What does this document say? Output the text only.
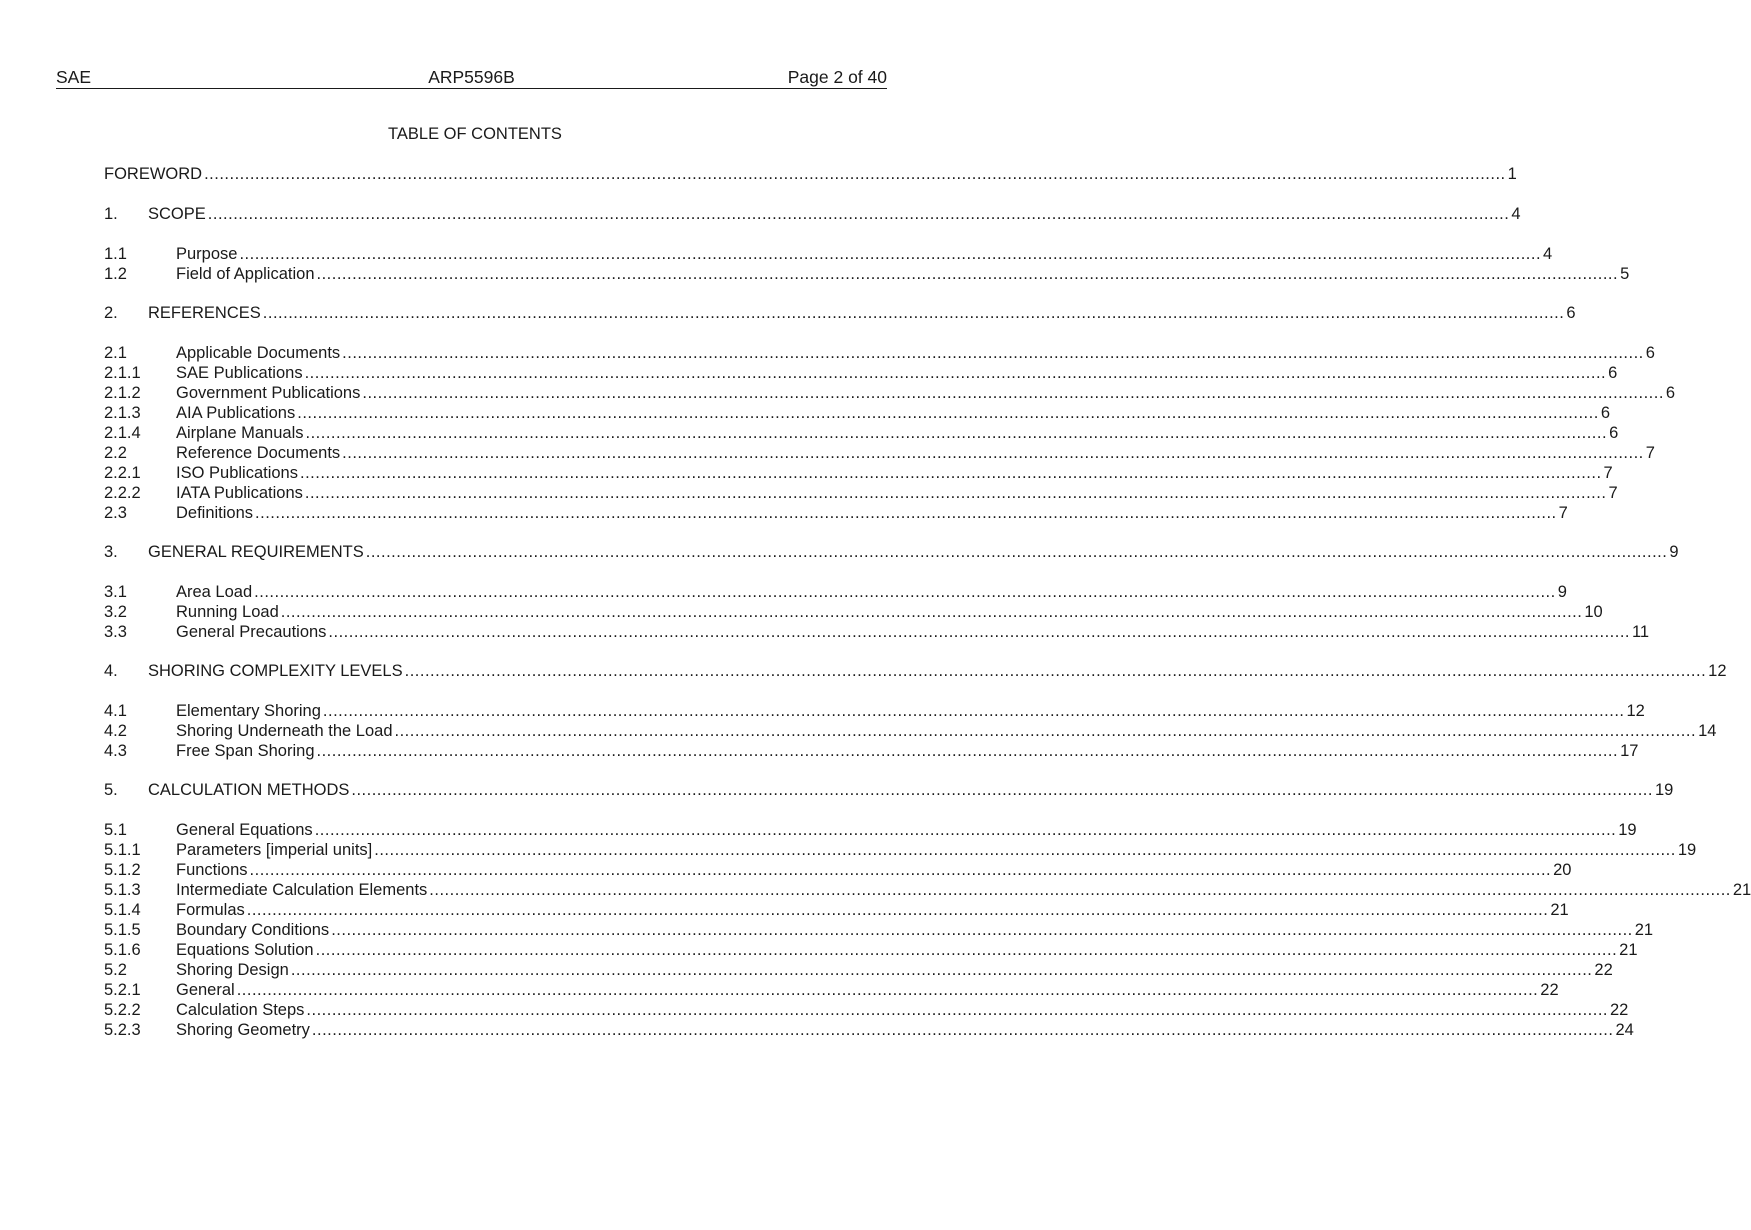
SAE	ARP5596B	Page 2 of 40
TABLE OF CONTENTS
FOREWORD ................................................................................................................................................................................................................................................................ 1
1.	SCOPE ................................................................................................................................................................................................................................................................ 4
1.1	Purpose ................................................................................................................................................................................................................................................................ 4
1.2	Field of Application ................................................................................................................................................................................................................................................................ 5
2.	REFERENCES ................................................................................................................................................................................................................................................................ 6
2.1	Applicable Documents ................................................................................................................................................................................................................................................................ 6
2.1.1	SAE Publications ................................................................................................................................................................................................................................................................ 6
2.1.2	Government Publications ................................................................................................................................................................................................................................................................ 6
2.1.3	AIA Publications ................................................................................................................................................................................................................................................................ 6
2.1.4	Airplane Manuals ................................................................................................................................................................................................................................................................ 6
2.2	Reference Documents ................................................................................................................................................................................................................................................................ 7
2.2.1	ISO Publications ................................................................................................................................................................................................................................................................ 7
2.2.2	IATA Publications ................................................................................................................................................................................................................................................................ 7
2.3	Definitions ................................................................................................................................................................................................................................................................ 7
3.	GENERAL REQUIREMENTS ................................................................................................................................................................................................................................................................ 9
3.1	Area Load ................................................................................................................................................................................................................................................................ 9
3.2	Running Load ................................................................................................................................................................................................................................................................ 10
3.3	General Precautions ................................................................................................................................................................................................................................................................ 11
4.	SHORING COMPLEXITY LEVELS ................................................................................................................................................................................................................................................................ 12
4.1	Elementary Shoring ................................................................................................................................................................................................................................................................ 12
4.2	Shoring Underneath the Load ................................................................................................................................................................................................................................................................ 14
4.3	Free Span Shoring ................................................................................................................................................................................................................................................................ 17
5.	CALCULATION METHODS ................................................................................................................................................................................................................................................................ 19
5.1	General Equations ................................................................................................................................................................................................................................................................ 19
5.1.1	Parameters [imperial units] ................................................................................................................................................................................................................................................................ 19
5.1.2	Functions ................................................................................................................................................................................................................................................................ 20
5.1.3	Intermediate Calculation Elements ................................................................................................................................................................................................................................................................ 21
5.1.4	Formulas ................................................................................................................................................................................................................................................................ 21
5.1.5	Boundary Conditions ................................................................................................................................................................................................................................................................ 21
5.1.6	Equations Solution ................................................................................................................................................................................................................................................................ 21
5.2	Shoring Design ................................................................................................................................................................................................................................................................ 22
5.2.1	General ................................................................................................................................................................................................................................................................ 22
5.2.2	Calculation Steps ................................................................................................................................................................................................................................................................ 22
5.2.3	Shoring Geometry ................................................................................................................................................................................................................................................................ 24
